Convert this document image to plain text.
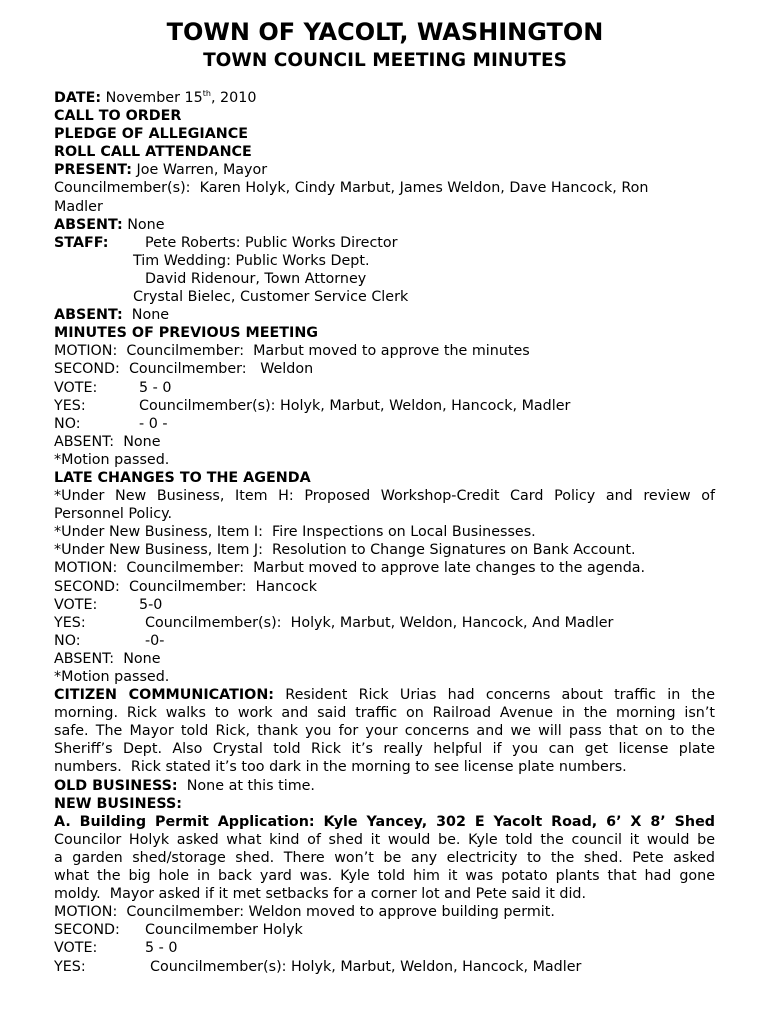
TOWN OF YACOLT, WASHINGTON
TOWN COUNCIL MEETING MINUTES
DATE: November 15th, 2010
CALL TO ORDER
PLEDGE OF ALLEGIANCE
ROLL CALL ATTENDANCE
PRESENT: Joe Warren, Mayor
Councilmember(s):  Karen Holyk, Cindy Marbut, James Weldon, Dave Hancock, Ron
Madler
ABSENT: None
STAFF:	Pete Roberts: Public Works Director
Tim Wedding: Public Works Dept.
David Ridenour, Town Attorney
Crystal Bielec, Customer Service Clerk
ABSENT: None
MINUTES OF PREVIOUS MEETING
MOTION:  Councilmember:  Marbut moved to approve the minutes
SECOND:  Councilmember:   Weldon
VOTE:	5 - 0
YES:	Councilmember(s): Holyk, Marbut, Weldon, Hancock, Madler
NO:	- 0 -
ABSENT:  None
*Motion passed.
LATE CHANGES TO THE AGENDA
*Under New Business, Item H: Proposed Workshop-Credit Card Policy and review of
Personnel Policy.
*Under New Business, Item I:  Fire Inspections on Local Businesses.
*Under New Business, Item J:  Resolution to Change Signatures on Bank Account.
MOTION:  Councilmember:  Marbut moved to approve late changes to the agenda.
SECOND:  Councilmember:  Hancock
VOTE:	5-0
YES:	Councilmember(s):  Holyk, Marbut, Weldon, Hancock, And Madler
NO:	-0-
ABSENT:  None
*Motion passed.
CITIZEN COMMUNICATION: Resident Rick Urias had concerns about traffic in the
morning. Rick walks to work and said traffic on Railroad Avenue in the morning isn’t
safe. The Mayor told Rick, thank you for your concerns and we will pass that on to the
Sheriff’s Dept. Also Crystal told Rick it’s really helpful if you can get license plate
numbers.  Rick stated it’s too dark in the morning to see license plate numbers.
OLD BUSINESS: None at this time.
NEW BUSINESS:
A. Building Permit Application: Kyle Yancey, 302 E Yacolt Road, 6’ X 8’ Shed
Councilor Holyk asked what kind of shed it would be. Kyle told the council it would be
a garden shed/storage shed. There won’t be any electricity to the shed. Pete asked
what the big hole in back yard was. Kyle told him it was potato plants that had gone
moldy.  Mayor asked if it met setbacks for a corner lot and Pete said it did.
MOTION:  Councilmember: Weldon moved to approve building permit.
SECOND: Councilmember Holyk
VOTE:	5 - 0
YES:	Councilmember(s): Holyk, Marbut, Weldon, Hancock, Madler
